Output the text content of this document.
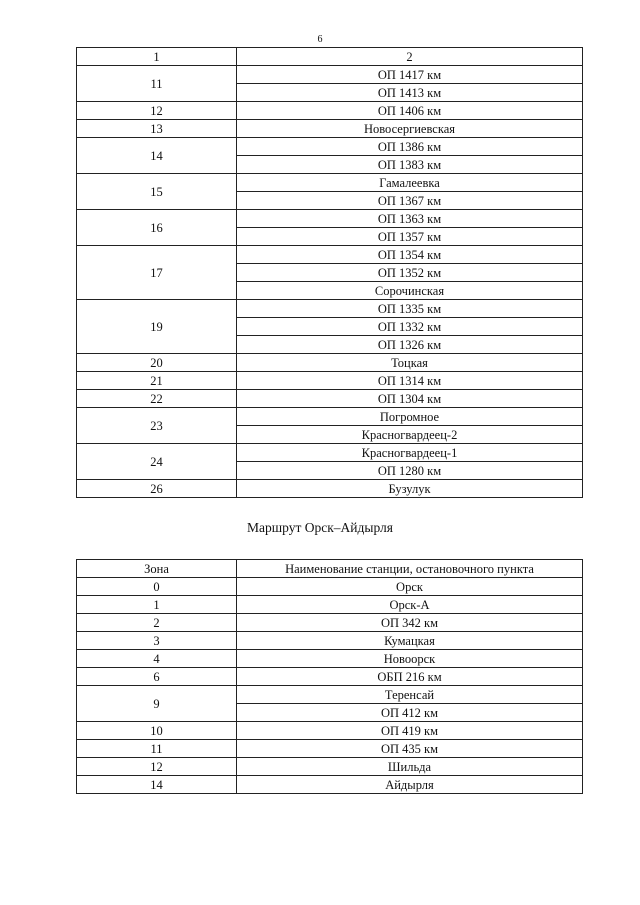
6
1	2
11	ОП 1417 км
	ОП 1413 км
12	ОП 1406 км
13	Новосергиевская
14	ОП 1386 км
	ОП 1383 км
15	Гамалеевка
	ОП 1367 км
16	ОП 1363 км
	ОП 1357 км
17	ОП 1354 км
	ОП 1352 км
	Сорочинская
19	ОП 1335 км
	ОП 1332 км
	ОП 1326 км
20	Тоцкая
21	ОП 1314 км
22	ОП 1304 км
23	Погромное
	Красногвардеец-2
24	Красногвардеец-1
	ОП 1280 км
26	Бузулук
Маршрут Орск–Айдырля
Зона	Наименование станции, остановочного пункта
0	Орск
1	Орск-А
2	ОП 342 км
3	Кумацкая
4	Новоорск
6	ОБП 216 км
9	Теренсай
	ОП 412 км
10	ОП 419 км
11	ОП 435 км
12	Шильда
14	Айдырля
